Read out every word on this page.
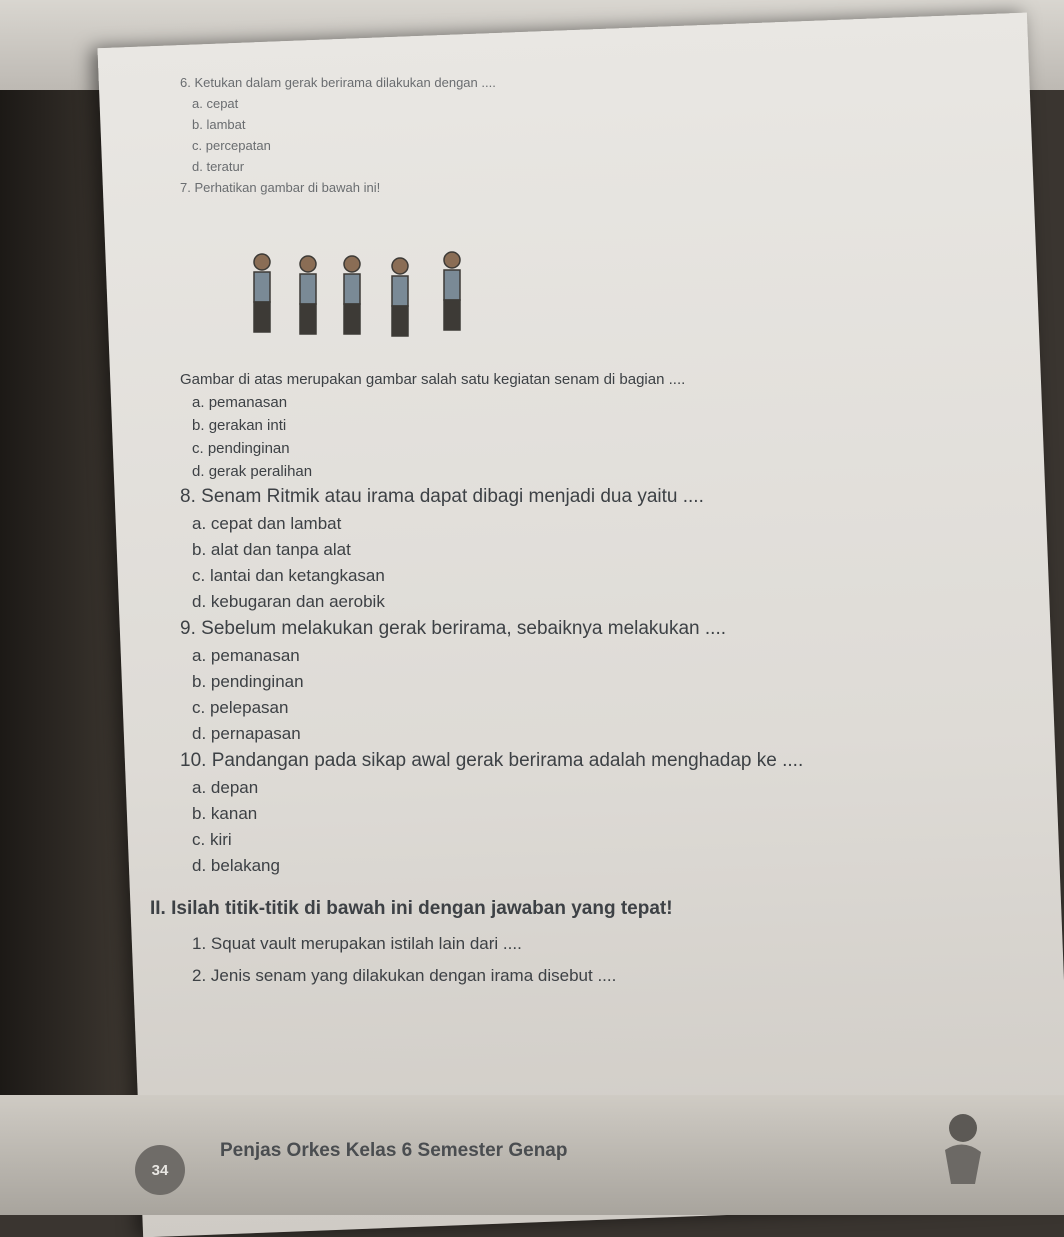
6. Ketukan dalam gerak berirama dilakukan dengan ....
a. cepat
b. lambat
c. percepatan
d. teratur
7. Perhatikan gambar di bawah ini!
Gambar di atas merupakan gambar salah satu kegiatan senam di bagian ....
a. pemanasan
b. gerakan inti
c. pendinginan
d. gerak peralihan
8. Senam Ritmik atau irama dapat dibagi menjadi dua yaitu ....
a. cepat dan lambat
b. alat dan tanpa alat
c. lantai dan ketangkasan
d. kebugaran dan aerobik
9. Sebelum melakukan gerak berirama, sebaiknya melakukan ....
a. pemanasan
b. pendinginan
c. pelepasan
d. pernapasan
10. Pandangan pada sikap awal gerak berirama adalah menghadap ke ....
a. depan
b. kanan
c. kiri
d. belakang
II. Isilah titik-titik di bawah ini dengan jawaban yang tepat!
1. Squat vault merupakan istilah lain dari ....
2. Jenis senam yang dilakukan dengan irama disebut ....
34
Penjas Orkes Kelas 6 Semester Genap
